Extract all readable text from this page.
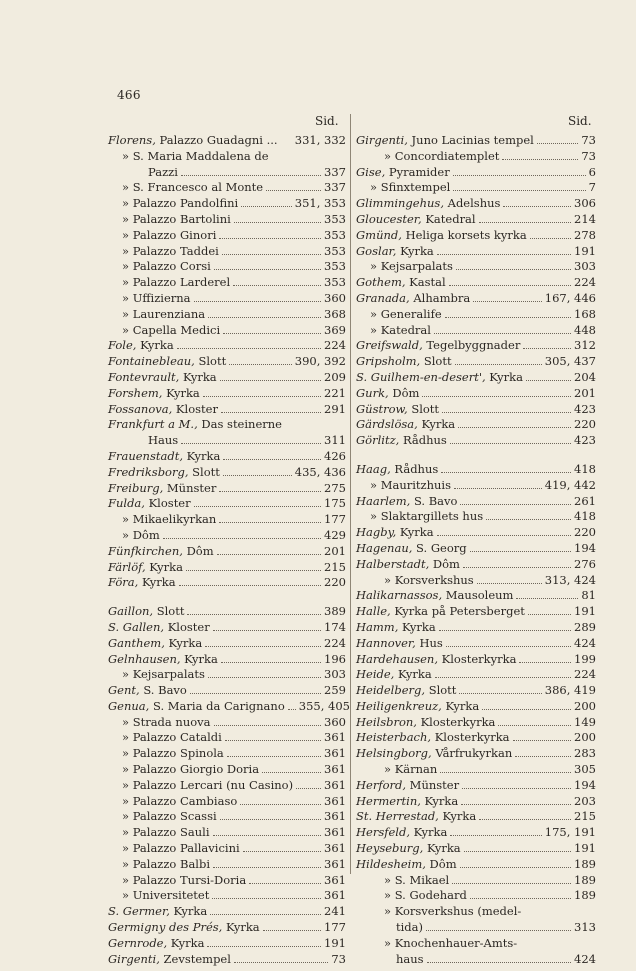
466
Sid.	Sid.
Florens, Palazzo Guadagni ... 331, 332
» S. Maria Maddalena de
Pazzi	337
» S. Francesco al Monte	337
» Palazzo Pandolfini	351, 353
» Palazzo Bartolini	353
» Palazzo Ginori	353
» Palazzo Taddei	353
» Palazzo Corsi	353
» Palazzo Larderel	353
» Uffizierna	360
» Laurenziana	368
» Capella Medici	369
Fole, Kyrka	224
Fontainebleau, Slott	390, 392
Fontevrault, Kyrka	209
Forshem, Kyrka	221
Fossanova, Kloster	291
Frankfurt a M., Das steinerne
Haus	311
Frauenstadt, Kyrka	426
Fredriksborg, Slott	435, 436
Freiburg, Münster	275
Fulda, Kloster	175
» Mikaelikyrkan	177
» Dôm	429
Fünfkirchen, Dôm	201
Färlöf, Kyrka	215
Föra, Kyrka	220
Gaillon, Slott	389
S. Gallen, Kloster	174
Ganthem, Kyrka	224
Gelnhausen, Kyrka	196
» Kejsarpalats	303
Gent, S. Bavo	259
Genua, S. Maria da Carignano 355, 405
» Strada nuova	360
» Palazzo Cataldi	361
» Palazzo Spinola	361
» Palazzo Giorgio Doria	361
» Palazzo Lercari (nu Casino)	361
» Palazzo Cambiaso	361
» Palazzo Scassi	361
» Palazzo Sauli	361
» Palazzo Pallavicini	361
» Palazzo Balbi	361
» Palazzo Tursi-Doria	361
» Universitetet	361
S. Germer, Kyrka	241
Germigny des Prés, Kyrka	177
Gernrode, Kyrka	191
Girgenti, Zevstempel	73
Girgenti, Juno Lacinias tempel	73
» Concordiatemplet	73
Gise, Pyramider	6
» Sfinxtempel	7
Glimmingehus, Adelshus	306
Gloucester, Katedral	214
Gmünd, Heliga korsets kyrka	278
Goslar, Kyrka	191
» Kejsarpalats	303
Gothem, Kastal	224
Granada, Alhambra	167, 446
» Generalife	168
» Katedral	448
Greifswald, Tegelbyggnader	312
Gripsholm, Slott	305, 437
S. Guilhem-en-desert', Kyrka	204
Gurk, Dôm	201
Güstrow, Slott	423
Gärdslösa, Kyrka	220
Görlitz, Rådhus	423
Haag, Rådhus	418
» Mauritzhuis	419, 442
Haarlem, S. Bavo	261
» Slaktargillets hus	418
Hagby, Kyrka	220
Hagenau, S. Georg	194
Halberstadt, Dôm	276
» Korsverkshus	313, 424
Halikarnassos, Mausoleum	81
Halle, Kyrka på Petersberget	191
Hamm, Kyrka	289
Hannover, Hus	424
Hardehausen, Klosterkyrka	199
Heide, Kyrka	224
Heidelberg, Slott	386, 419
Heiligenkreuz, Kyrka	200
Heilsbron, Klosterkyrka	149
Heisterbach, Klosterkyrka	200
Helsingborg, Vårfrukyrkan	283
» Kärnan	305
Herford, Münster	194
Hermertin, Kyrka	203
St. Herrestad, Kyrka	215
Hersfeld, Kyrka	175, 191
Heyseburg, Kyrka	191
Hildesheim, Dôm	189
» S. Mikael	189
» S. Godehard	189
» Korsverkshus (medel-
tida)	313
» Knochenhauer-Amts-
haus	424
